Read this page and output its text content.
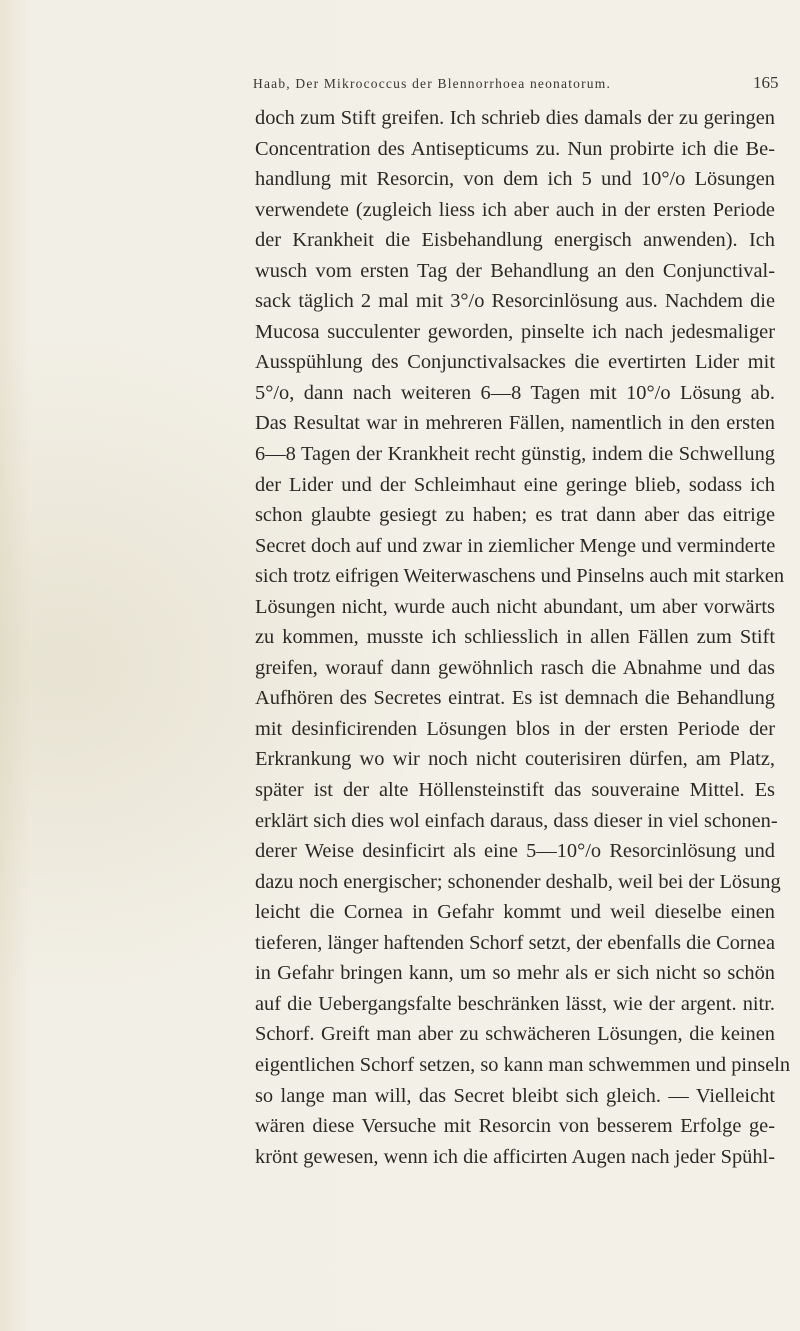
Haab, Der Mikrococcus der Blennorrhoea neonatorum.	165
doch zum Stift greifen. Ich schrieb dies damals der zu geringen
Concentration des Antisepticums zu. Nun probirte ich die Be-
handlung mit Resorcin, von dem ich 5 und 10°/o Lösungen
verwendete (zugleich liess ich aber auch in der ersten Periode
der Krankheit die Eisbehandlung energisch anwenden). Ich
wusch vom ersten Tag der Behandlung an den Conjunctival-
sack täglich 2 mal mit 3°/o Resorcinlösung aus. Nachdem die
Mucosa succulenter geworden, pinselte ich nach jedesmaliger
Ausspühlung des Conjunctivalsackes die evertirten Lider mit
5°/o, dann nach weiteren 6—8 Tagen mit 10°/o Lösung ab.
Das Resultat war in mehreren Fällen, namentlich in den ersten
6—8 Tagen der Krankheit recht günstig, indem die Schwellung
der Lider und der Schleimhaut eine geringe blieb, sodass ich
schon glaubte gesiegt zu haben; es trat dann aber das eitrige
Secret doch auf und zwar in ziemlicher Menge und verminderte
sich trotz eifrigen Weiterwaschens und Pinselns auch mit starken
Lösungen nicht, wurde auch nicht abundant, um aber vorwärts
zu kommen, musste ich schliesslich in allen Fällen zum Stift
greifen, worauf dann gewöhnlich rasch die Abnahme und das
Aufhören des Secretes eintrat. Es ist demnach die Behandlung
mit desinficirenden Lösungen blos in der ersten Periode der
Erkrankung wo wir noch nicht couterisiren dürfen, am Platz,
später ist der alte Höllensteinstift das souveraine Mittel. Es
erklärt sich dies wol einfach daraus, dass dieser in viel schonen-
derer Weise desinficirt als eine 5—10°/o Resorcinlösung und
dazu noch energischer; schonender deshalb, weil bei der Lösung
leicht die Cornea in Gefahr kommt und weil dieselbe einen
tieferen, länger haftenden Schorf setzt, der ebenfalls die Cornea
in Gefahr bringen kann, um so mehr als er sich nicht so schön
auf die Uebergangsfalte beschränken lässt, wie der argent. nitr.
Schorf. Greift man aber zu schwächeren Lösungen, die keinen
eigentlichen Schorf setzen, so kann man schwemmen und pinseln
so lange man will, das Secret bleibt sich gleich. — Vielleicht
wären diese Versuche mit Resorcin von besserem Erfolge ge-
krönt gewesen, wenn ich die afficirten Augen nach jeder Spühl-
